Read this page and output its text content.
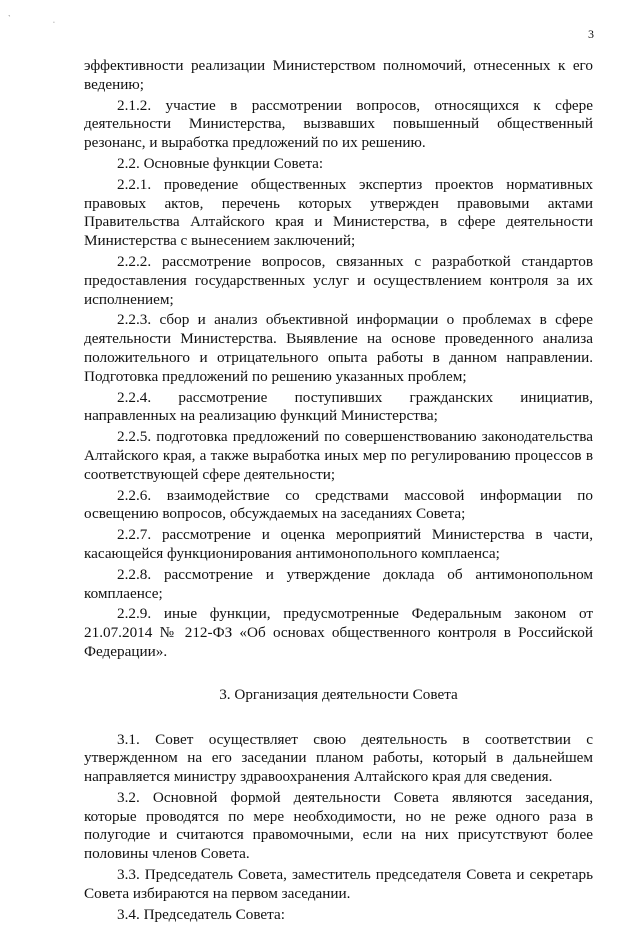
` ˌ
3

эффективности реализации Министерством полномочий, отнесенных к его ведению;

2.1.2. участие в рассмотрении вопросов, относящихся к сфере деятельности Министерства, вызвавших повышенный общественный резонанс, и выработка предложений по их решению.

2.2. Основные функции Совета:

2.2.1. проведение общественных экспертиз проектов нормативных правовых актов, перечень которых утвержден правовыми актами Правительства Алтайского края и Министерства, в сфере деятельности Министерства с вынесением заключений;

2.2.2. рассмотрение вопросов, связанных с разработкой стандартов предоставления государственных услуг и осуществлением контроля за их исполнением;

2.2.3. сбор и анализ объективной информации о проблемах в сфере деятельности Министерства. Выявление на основе проведенного анализа положительного и отрицательного опыта работы в данном направлении. Подготовка предложений по решению указанных проблем;

2.2.4. рассмотрение поступивших гражданских инициатив, направленных на реализацию функций Министерства;

2.2.5. подготовка предложений по совершенствованию законодательства Алтайского края, а также выработка иных мер по регулированию процессов в соответствующей сфере деятельности;

2.2.6. взаимодействие со средствами массовой информации по освещению вопросов, обсуждаемых на заседаниях Совета;

2.2.7. рассмотрение и оценка мероприятий Министерства в части, касающейся функционирования антимонопольного комплаенса;

2.2.8. рассмотрение и утверждение доклада об антимонопольном комплаенсе;

2.2.9. иные функции, предусмотренные Федеральным законом от 21.07.2014 № 212-ФЗ «Об основах общественного контроля в Российской Федерации».

3. Организация деятельности Совета

3.1. Совет осуществляет свою деятельность в соответствии с утвержденном на его заседании планом работы, который в дальнейшем направляется министру здравоохранения Алтайского края для сведения.

3.2. Основной формой деятельности Совета являются заседания, которые проводятся по мере необходимости, но не реже одного раза в полугодие и считаются правомочными, если на них присутствуют более половины членов Совета.

3.3. Председатель Совета, заместитель председателя Совета и секретарь Совета избираются на первом заседании.

3.4. Председатель Совета:
